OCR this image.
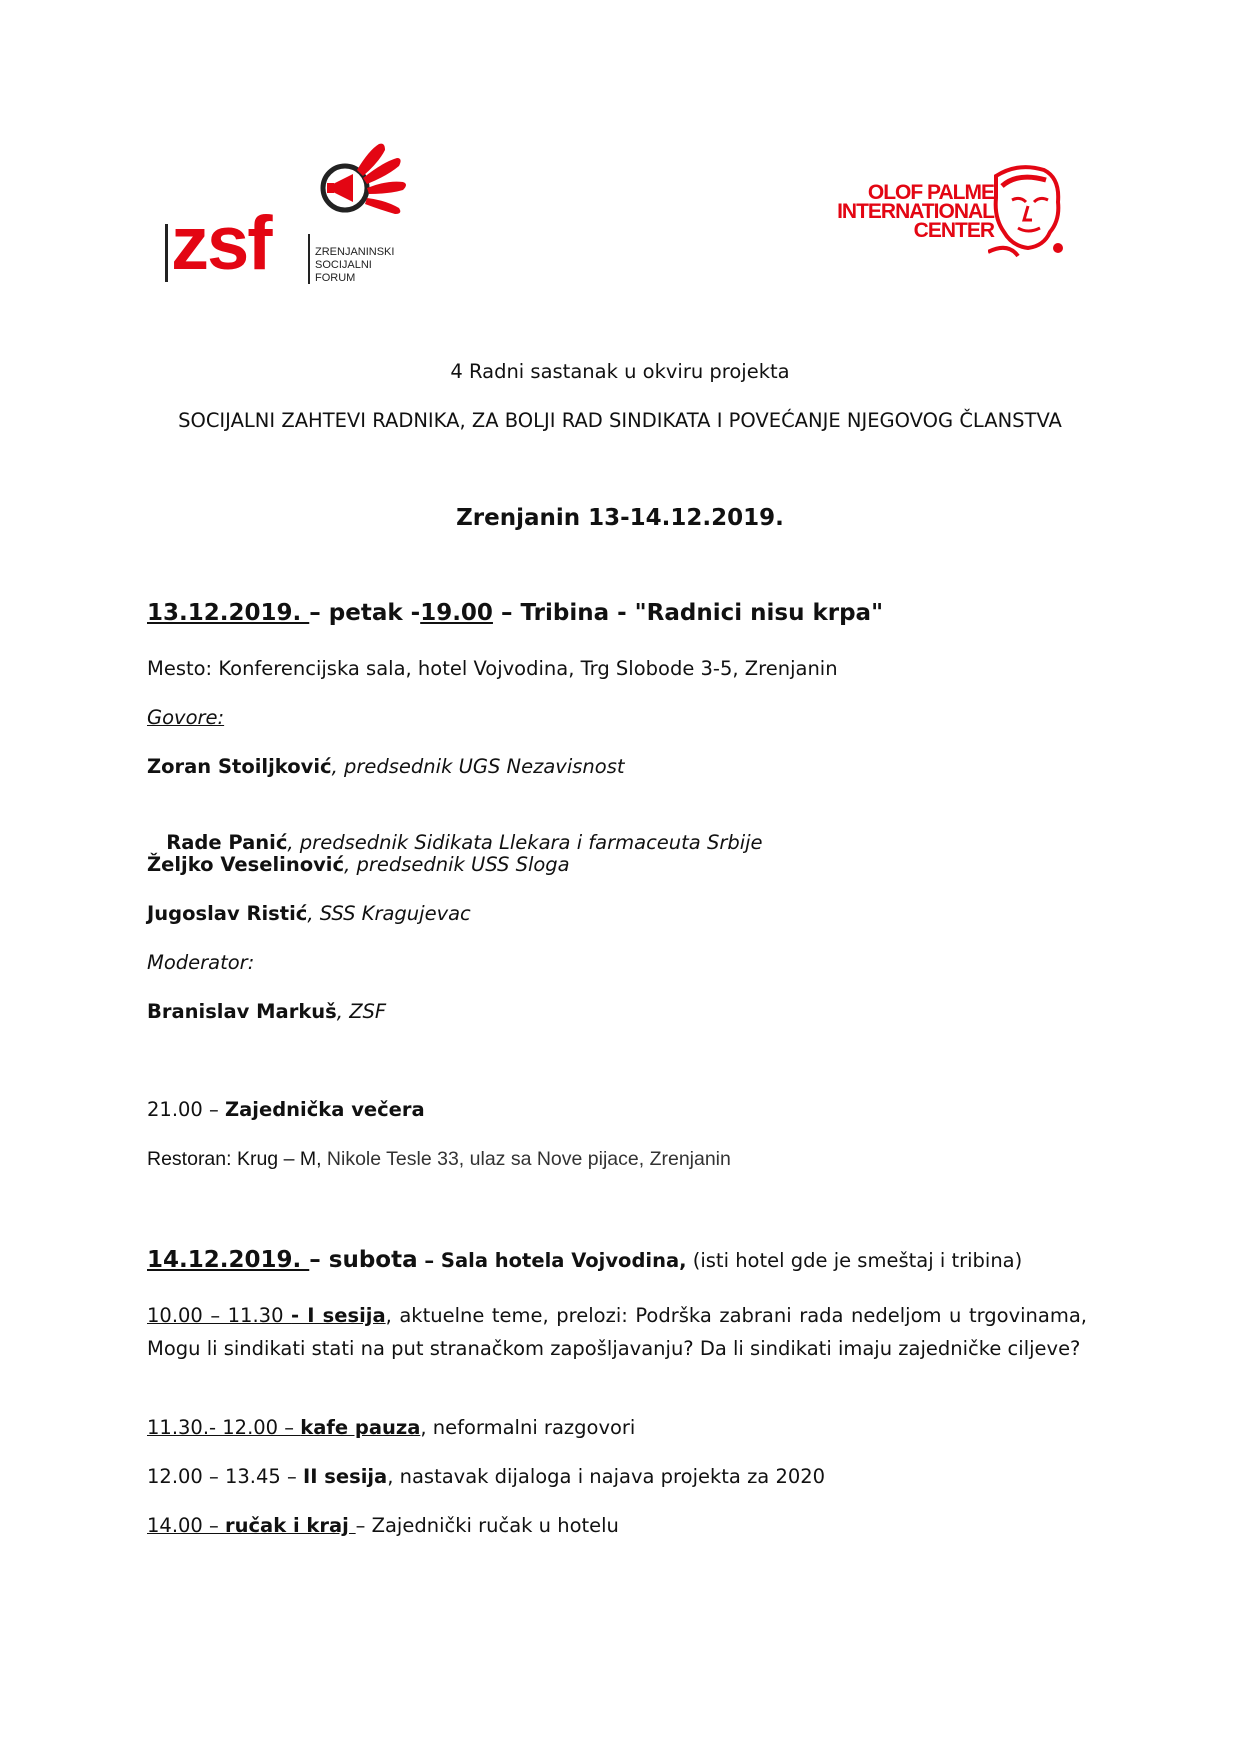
zsf	ZRENJANINSKI
SOCIJALNI
FORUM
OLOF PALME
INTERNATIONAL
CENTER
4 Radni sastanak u okviru projekta
SOCIJALNI ZAHTEVI RADNIKA, ZA BOLJI RAD SINDIKATA I POVEĆANJE NJEGOVOG ČLANSTVA
Zrenjanin 13-14.12.2019.
13.12.2019. – petak -19.00 – Tribina - "Radnici nisu krpa"
Mesto: Konferencijska sala, hotel Vojvodina, Trg Slobode 3-5, Zrenjanin
Govore:
Zoran Stoiljković, predsednik UGS Nezavisnost

Rade Panić, predsednik Sidikata Llekara i farmaceuta Srbije

Željko Veselinović, predsednik USS Sloga
Jugoslav Ristić, SSS Kragujevac
Moderator:
Branislav Markuš, ZSF
21.00 – Zajednička večera
Restoran: Krug – M, Nikole Tesle 33, ulaz sa Nove pijace, Zrenjanin
14.12.2019. – subota – Sala hotela Vojvodina, (isti hotel gde je smeštaj i tribina)
10.00 – 11.30 - I sesija, aktuelne teme, prelozi: Podrška zabrani rada nedeljom u trgovinama, Mogu li sindikati stati na put stranačkom zapošljavanju? Da li sindikati imaju zajedničke ciljeve?
11.30.- 12.00 – kafe pauza, neformalni razgovori
12.00 – 13.45 – II sesija, nastavak dijaloga i najava projekta za 2020
14.00 – ručak i kraj – Zajednički ručak u hotelu
